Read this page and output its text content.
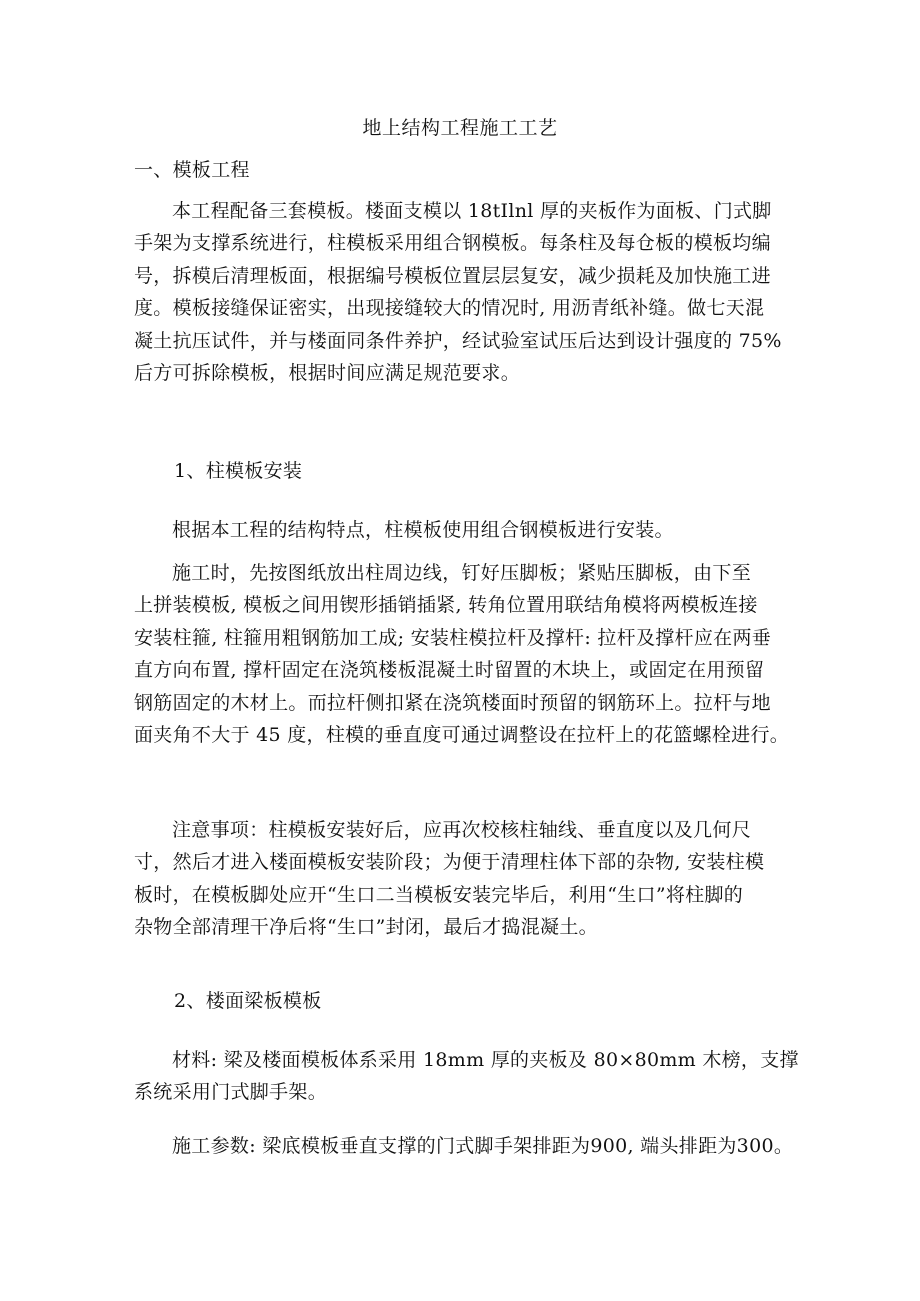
地上结构工程施工工艺
一、模板工程
本工程配备三套模板。楼面支模以 18tIlnl 厚的夹板作为面板、门式脚
手架为支撑系统进行，柱模板采用组合钢模板。每条柱及每仓板的模板均编
号，拆模后清理板面，根据编号模板位置层层复安，减少损耗及加快施工进
度。模板接缝保证密实，出现接缝较大的情况时, 用沥青纸补缝。做七天混
凝土抗压试件，并与楼面同条件养护，经试验室试压后达到设计强度的 75%
后方可拆除模板，根据时间应满足规范要求。
1、柱模板安装
根据本工程的结构特点，柱模板使用组合钢模板进行安装。
施工时，先按图纸放出柱周边线，钉好压脚板；紧贴压脚板，由下至
上拼装模板, 模板之间用锲形插销插紧, 转角位置用联结角模将两模板连接
安装柱箍, 柱箍用粗钢筋加工成; 安装柱模拉杆及撑杆: 拉杆及撑杆应在两垂
直方向布置, 撑杆固定在浇筑楼板混凝土时留置的木块上，或固定在用预留
钢筋固定的木材上。而拉杆侧扣紧在浇筑楼面时预留的钢筋环上。拉杆与地
面夹角不大于 45 度，柱模的垂直度可通过调整设在拉杆上的花篮螺栓进行。
注意事项：柱模板安装好后，应再次校核柱轴线、垂直度以及几何尺
寸，然后才进入楼面模板安装阶段；为便于清理柱体下部的杂物, 安装柱模
板时，在模板脚处应开“生口二当模板安装完毕后，利用“生口”将柱脚的
杂物全部清理干净后将“生口”封闭，最后才捣混凝土。
2、楼面梁板模板
材料: 梁及楼面模板体系采用 18mm 厚的夹板及 80×80mm 木榜，支撑
系统采用门式脚手架。
施工参数: 梁底模板垂直支撑的门式脚手架排距为900, 端头排距为300。
